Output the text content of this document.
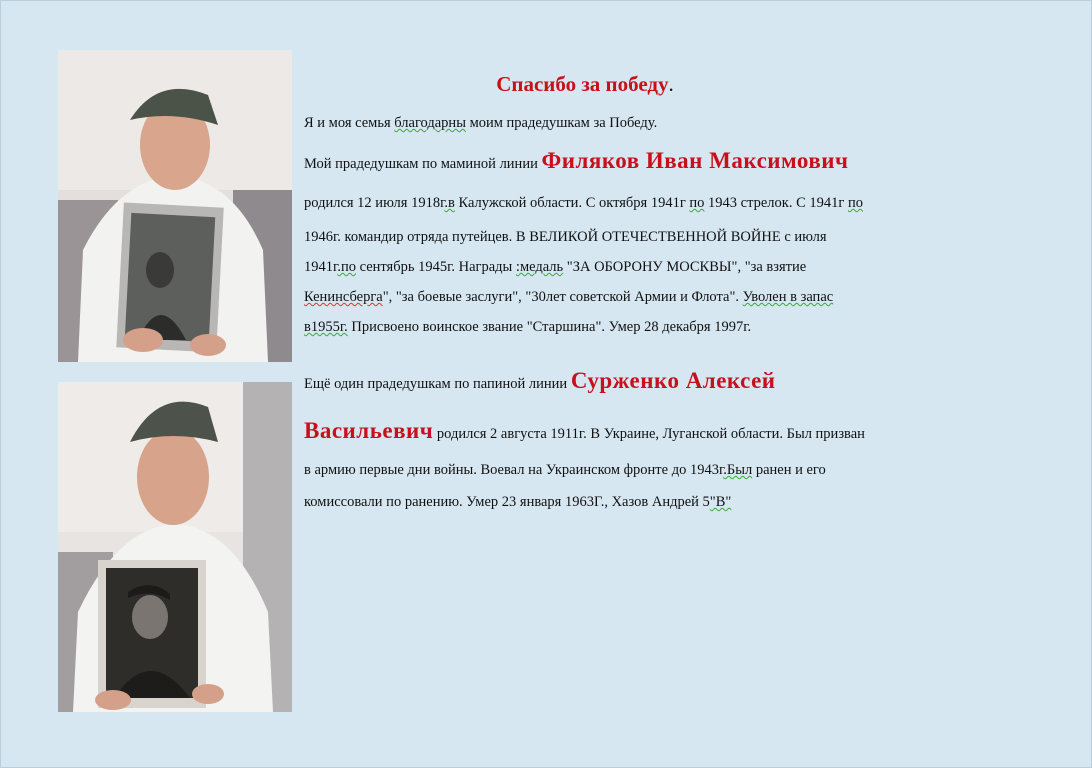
Спасибо за победу.
Я и моя семья благодарны моим прадедушкам за Победу.
Мой прадедушкам по маминой линии Филяков Иван Максимович
родился 12 июля 1918г.в Калужской области. С октября 1941г по 1943 стрелок. С 1941г по
1946г. командир отряда путейцев. В ВЕЛИКОЙ ОТЕЧЕСТВЕННОЙ ВОЙНЕ с июля
1941г.по сентябрь 1945г. Награды :медаль "ЗА ОБОРОНУ МОСКВЫ", "за взятие
Кенинсберга", "за боевые заслуги", "30лет советской Армии и Флота". Уволен в запас
в1955г. Присвоено воинское звание "Старшина". Умер 28 декабря 1997г.
Ещё один прадедушкам по папиной линии Сурженко Алексей
Васильевич родился 2 августа 1911г. В Украине, Луганской области. Был призван
в армию первые дни войны. Воевал на Украинском фронте до 1943г.Был ранен и его
комиссовали по ранению. Умер 23 января 1963Г., Хазов Андрей 5"В"
